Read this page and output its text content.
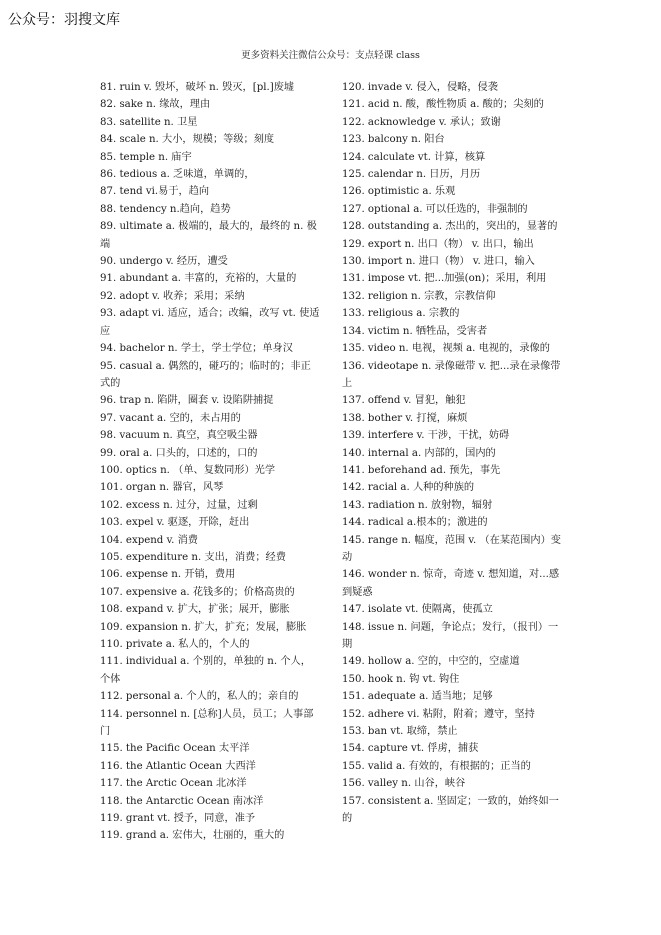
公众号：羽搜文库
更多资料关注微信公众号：支点轻课 class

81. ruin v. 毁坏，破坏 n. 毁灭，[pl.]废墟

82. sake n. 缘故，理由

83. satellite n. 卫星

84. scale n. 大小，规模；等级；刻度

85. temple n. 庙宇

86. tedious a. 乏味道，单调的，

87. tend vi.易于，趋向

88. tendency n.趋向，趋势

89. ultimate a. 极端的，最大的，最终的 n. 极端

90. undergo v. 经历，遭受

91. abundant a. 丰富的，充裕的，大量的

92. adopt v. 收养；采用；采纳

93. adapt vi. 适应，适合；改编，改写 vt. 使适应

94. bachelor n. 学士，学士学位；单身汉

95. casual a. 偶然的，碰巧的；临时的；非正式的

96. trap n. 陷阱，圈套 v. 设陷阱捕捉

97. vacant a. 空的，未占用的

98. vacuum n. 真空，真空吸尘器

99. oral a. 口头的，口述的，口的

100. optics n. （单、复数同形）光学

101. organ n. 器官，风琴

102. excess n. 过分，过量，过剩

103. expel v. 驱逐，开除，赶出

104. expend v. 消费

105. expenditure n. 支出，消费；经费

106. expense n. 开销，费用

107. expensive a. 花钱多的；价格高贵的

108. expand v. 扩大，扩张；展开，膨胀

109. expansion n. 扩大，扩充；发展，膨胀

110. private a. 私人的，个人的

111. individual a. 个别的，单独的 n. 个人，个体

112. personal a. 个人的，私人的；亲自的

114. personnel n. [总称]人员，员工；人事部门

115. the Pacific Ocean 太平洋

116. the Atlantic Ocean 大西洋

117. the Arctic Ocean 北冰洋

118. the Antarctic Ocean 南冰洋

119. grant vt. 授予，同意，准予

119. grand a. 宏伟大，壮丽的，重大的

120. invade v. 侵入，侵略，侵袭

121. acid n. 酸，酸性物质 a. 酸的；尖刻的

122. acknowledge v. 承认；致谢

123. balcony n. 阳台

124. calculate vt. 计算，核算

125. calendar n. 日历，月历

126. optimistic a. 乐观

127. optional a. 可以任选的，非强制的

128. outstanding a. 杰出的，突出的，显著的

129. export n. 出口（物） v. 出口，输出

130. import n. 进口（物） v. 进口，输入

131. impose vt. 把...加强(on)；采用，利用

132. religion n. 宗教，宗教信仰

133. religious a. 宗教的

134. victim n. 牺牲品，受害者

135. video n. 电视，视频 a. 电视的，录像的

136. videotape n. 录像磁带 v. 把...录在录像带上

137. offend v. 冒犯，触犯

138. bother v. 打搅，麻烦

139. interfere v. 干涉，干扰，妨碍

140. internal a. 内部的，国内的

141. beforehand ad. 预先，事先

142. racial a. 人种的种族的

143. radiation n. 放射物，辐射

144. radical a.根本的；激进的

145. range n. 幅度，范围 v. （在某范围内）变动

146. wonder n. 惊奇，奇迹 v. 想知道，对...感到疑惑

147. isolate vt. 使隔离，使孤立

148. issue n. 问题，争论点；发行，（报刊）一期

149. hollow a. 空的，中空的，空虚道

150. hook n. 钩 vt. 钩住

151. adequate a. 适当地；足够

152. adhere vi. 粘附，附着；遵守，坚持

153. ban vt. 取缔，禁止

154. capture vt. 俘虏，捕获

155. valid a. 有效的，有根据的；正当的

156. valley n. 山谷，峡谷

157. consistent a. 坚固定；一致的，始终如一的
